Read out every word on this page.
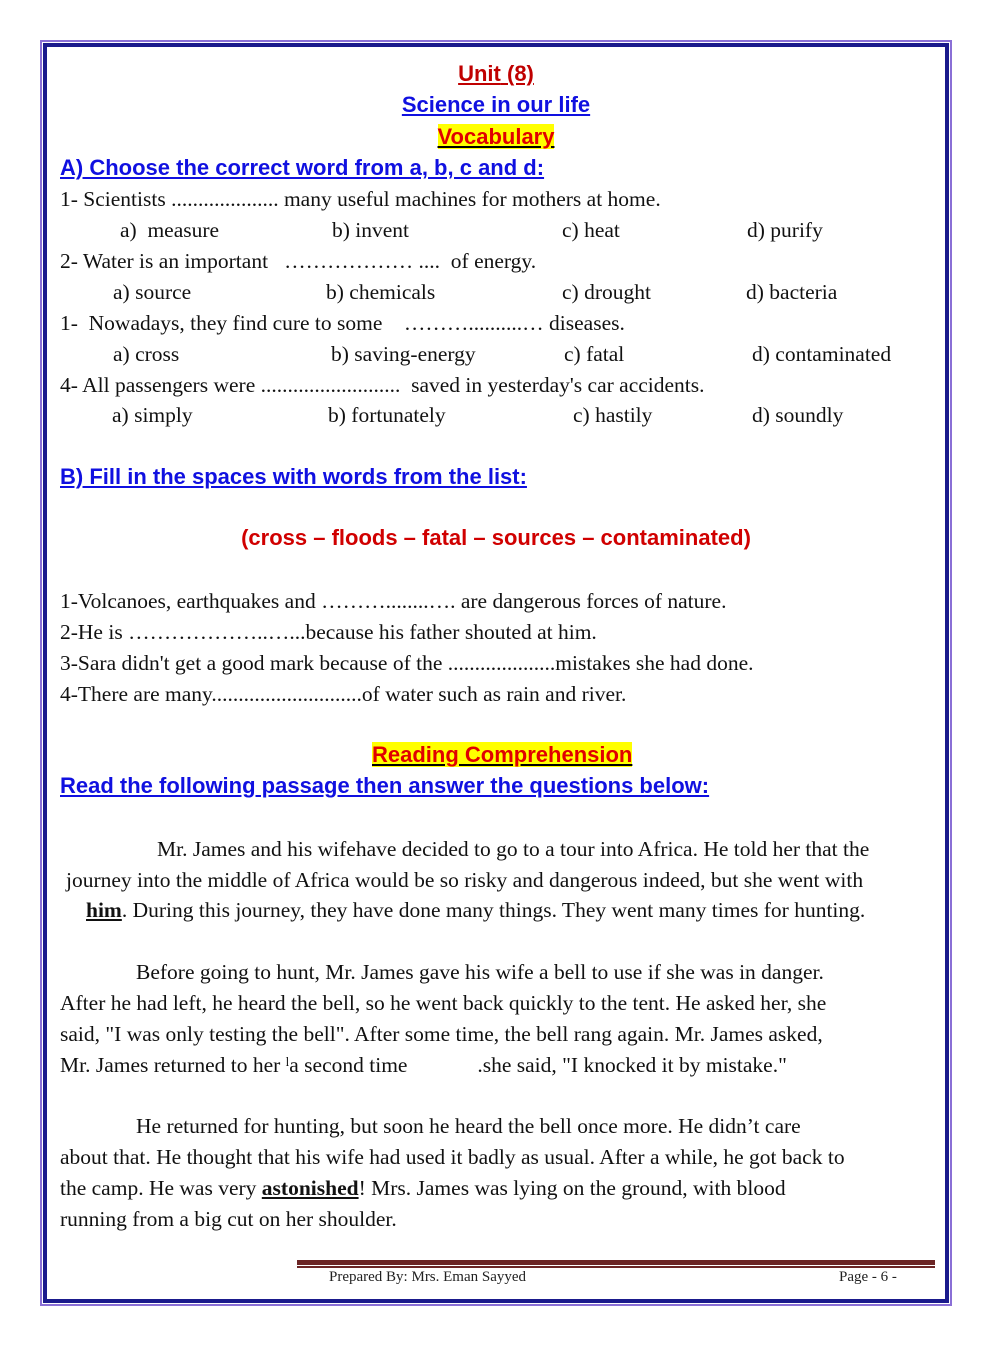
Unit (8)
Science in our life
Vocabulary
A) Choose the correct word from a, b, c and d:
1- Scientists .................... many useful machines for mothers at home.
a)  measure	b) invent	c) heat	d) purify
2- Water is an important   ……………… ....  of energy.
a) source	b) chemicals	c) drought	d) bacteria
1-  Nowadays, they find cure to some    ………..........… diseases.
a) cross	b) saving-energy	c) fatal	d) contaminated
4- All passengers were ..........................  saved in yesterday's car accidents.
a) simply	b) fortunately	c) hastily	d) soundly
B) Fill in the spaces with words from the list:
(cross – floods – fatal – sources – contaminated)
1-Volcanoes, earthquakes and ………........…. are dangerous forces of nature.
2-He is ………………..…...because his father shouted at him.
3-Sara didn't get a good mark because of the ....................mistakes she had done.
4-There are many............................of water such as rain and river.
Reading Comprehension
Read the following passage then answer the questions below:
Mr. James and his wifehave decided to go to a tour into Africa. He told her that the
journey into the middle of Africa would be so risky and dangerous indeed, but she went with
him. During this journey, they have done many things. They went many times for hunting.
Before going to hunt, Mr. James gave his wife a bell to use if she was in danger.
After he had left, he heard the bell, so he went back quickly to the tent. He asked her, she
said, "I was only testing the bell". After some time, the bell rang again. Mr. James asked,
Mr. James returned to her ˡa second time             .she said, "I knocked it by mistake."
He returned for hunting, but soon he heard the bell once more. He didn’t care
about that. He thought that his wife had used it badly as usual. After a while, he got back to
the camp. He was very astonished! Mrs. James was lying on the ground, with blood
running from a big cut on her shoulder.
Prepared By: Mrs. Eman Sayyed	Page - 6 -
